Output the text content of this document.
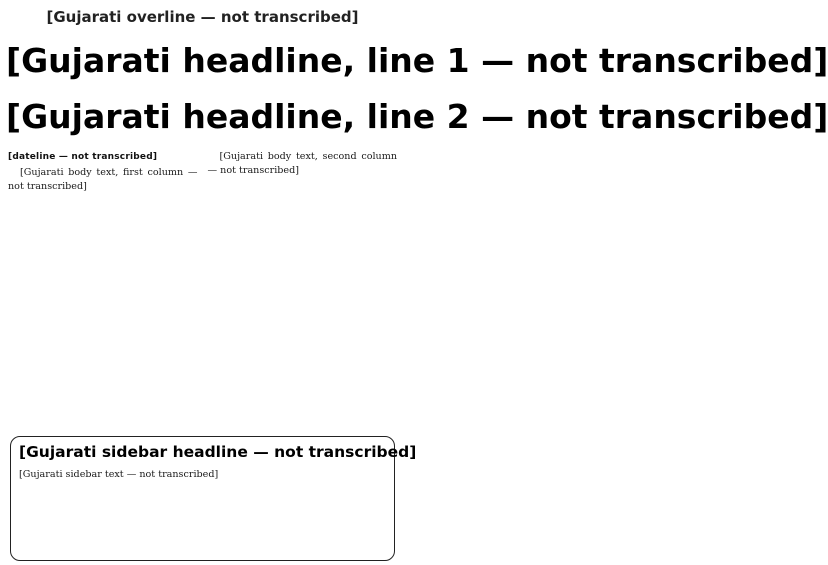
[Gujarati overline — not transcribed]
[Gujarati headline, line 1 — not transcribed]
[Gujarati headline, line 2 — not transcribed]
[dateline — not transcribed]

[Gujarati body text, first column — not transcribed]

[Gujarati body text, second column — not transcribed]

[Gujarati sidebar headline — not transcribed]

[Gujarati sidebar text — not transcribed]
